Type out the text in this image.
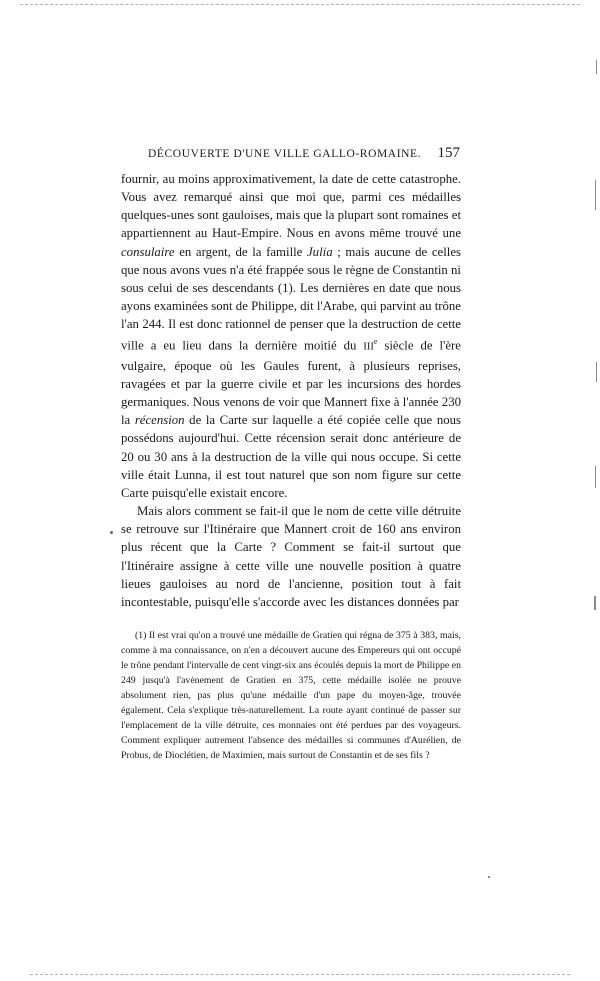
DÉCOUVERTE D'UNE VILLE GALLO-ROMAINE. 157

fournir, au moins approximativement, la date de cette catastrophe. Vous avez remarqué ainsi que moi que, parmi ces médailles quelques-unes sont gauloises, mais que la plupart sont romaines et appartiennent au Haut-Empire. Nous en avons même trouvé une consulaire en argent, de la famille Julia ; mais aucune de celles que nous avons vues n'a été frappée sous le règne de Constantin ni sous celui de ses descendants (1). Les dernières en date que nous ayons examinées sont de Philippe, dit l'Arabe, qui parvint au trône l'an 244. Il est donc rationnel de penser que la destruction de cette ville a eu lieu dans la dernière moitié du IIIe siècle de l'ère vulgaire, époque où les Gaules furent, à plusieurs reprises, ravagées et par la guerre civile et par les incursions des hordes germaniques. Nous venons de voir que Mannert fixe à l'année 230 la récension de la Carte sur laquelle a été copiée celle que nous possédons aujourd'hui. Cette récension serait donc antérieure de 20 ou 30 ans à la destruction de la ville qui nous occupe. Si cette ville était Lunna, il est tout naturel que son nom figure sur cette Carte puisqu'elle existait encore.

Mais alors comment se fait-il que le nom de cette ville détruite se retrouve sur l'Itinéraire que Mannert croit de 160 ans environ plus récent que la Carte ? Comment se fait-il surtout que l'Itinéraire assigne à cette ville une nouvelle position à quatre lieues gauloises au nord de l'ancienne, position tout à fait incontestable, puisqu'elle s'accorde avec les distances données par

(1) Il est vrai qu'on a trouvé une médaille de Gratien qui régna de 375 à 383, mais, comme à ma connaissance, on n'en a découvert aucune des Empereurs qui ont occupé le trône pendant l'intervalle de cent vingt-six ans écoulés depuis la mort de Philippe en 249 jusqu'à l'avènement de Gratien en 375, cette médaille isolée ne prouve absolument rien, pas plus qu'une médaille d'un pape du moyen-âge, trouvée également. Cela s'explique très-naturellement. La route ayant continué de passer sur l'emplacement de la ville détruite, ces monnaies ont été perdues par des voyageurs. Comment expliquer autrement l'absence des médailles si communes d'Aurélien, de Probus, de Dioclétien, de Maximien, mais surtout de Constantin et de ses fils ?
